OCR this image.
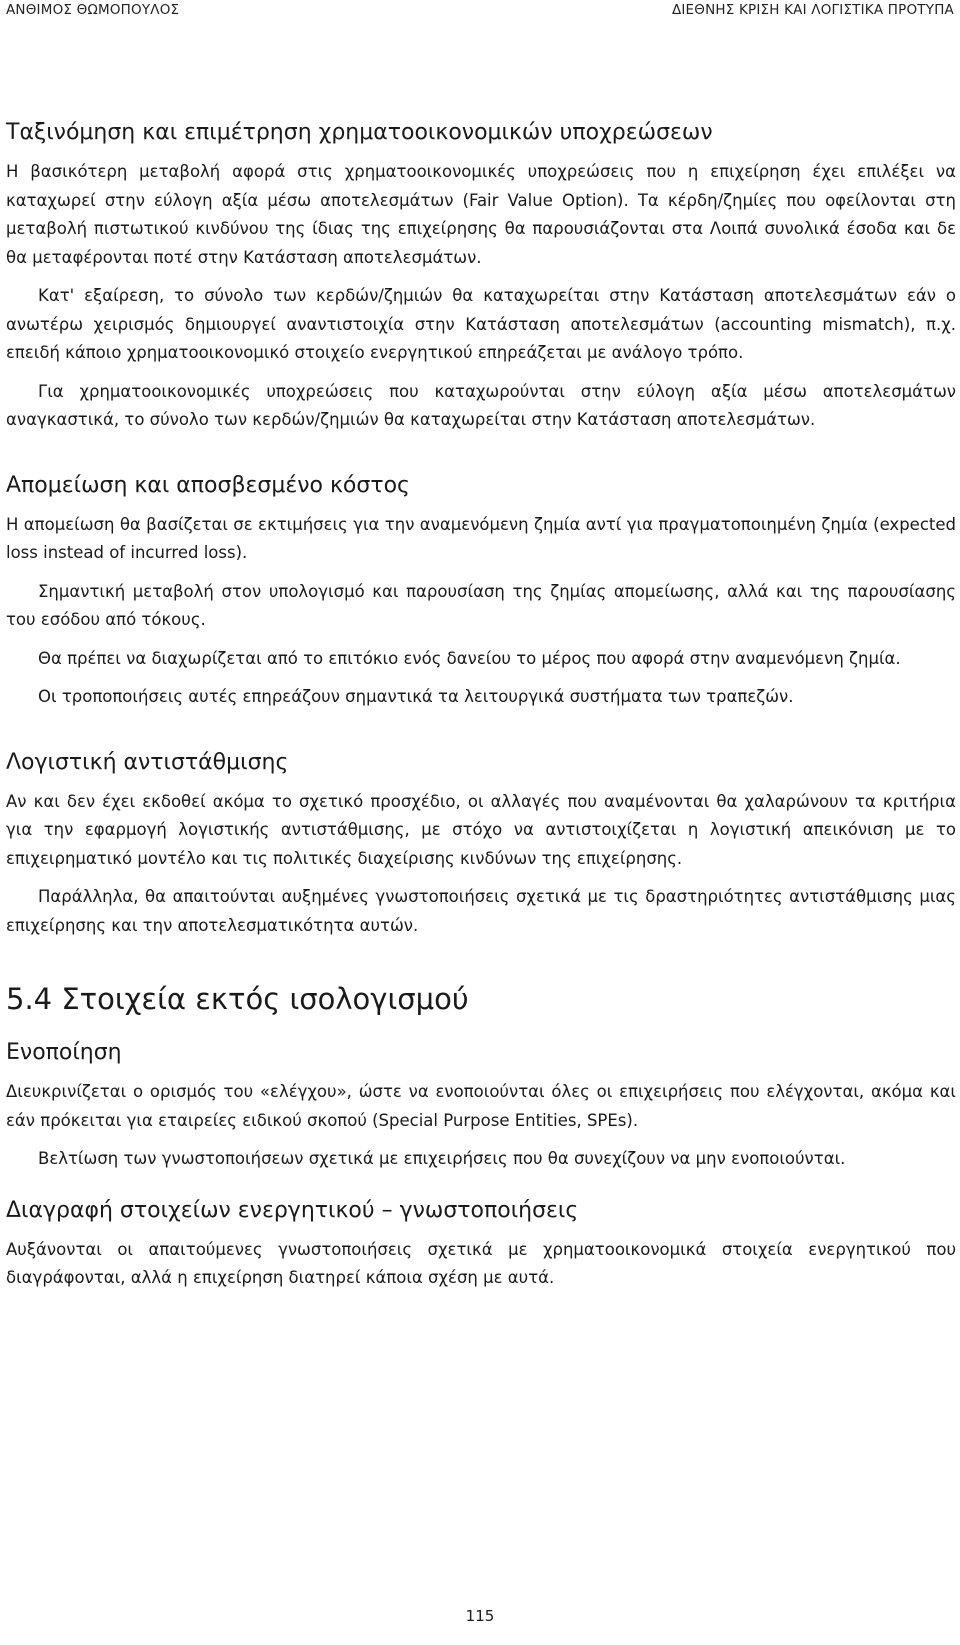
ΑΝΘΙΜΟΣ ΘΩΜΟΠΟΥΛΟΣ	ΔΙΕΘΝΗΣ ΚΡΙΣΗ ΚΑΙ ΛΟΓΙΣΤΙΚΑ ΠΡΟΤΥΠΑ
Ταξινόμηση και επιμέτρηση χρηματοοικονομικών υποχρεώσεων

Η βασικότερη μεταβολή αφορά στις χρηματοοικονομικές υποχρεώσεις που η επιχείρηση έχει επιλέξει να καταχωρεί στην εύλογη αξία μέσω αποτελεσμάτων (Fair Value Option). Τα κέρδη/ζημίες που οφείλονται στη μεταβολή πιστωτικού κινδύνου της ίδιας της επιχείρησης θα παρουσιάζονται στα Λοιπά συνολικά έσοδα και δε θα μεταφέρονται ποτέ στην Κατάσταση αποτελεσμάτων.

Κατ' εξαίρεση, το σύνολο των κερδών/ζημιών θα καταχωρείται στην Κατάσταση αποτελεσμάτων εάν ο ανωτέρω χειρισμός δημιουργεί αναντιστοιχία στην Κατάσταση αποτελεσμάτων (accounting mismatch), π.χ. επειδή κάποιο χρηματοοικονομικό στοιχείο ενεργητικού επηρεάζεται με ανάλογο τρόπο.

Για χρηματοοικονομικές υποχρεώσεις που καταχωρούνται στην εύλογη αξία μέσω αποτελεσμάτων αναγκαστικά, το σύνολο των κερδών/ζημιών θα καταχωρείται στην Κατάσταση αποτελεσμάτων.

Απομείωση και αποσβεσμένο κόστος

Η απομείωση θα βασίζεται σε εκτιμήσεις για την αναμενόμενη ζημία αντί για πραγματοποιημένη ζημία (expected loss instead of incurred loss).

Σημαντική μεταβολή στον υπολογισμό και παρουσίαση της ζημίας απομείωσης, αλλά και της παρουσίασης του εσόδου από τόκους.

Θα πρέπει να διαχωρίζεται από το επιτόκιο ενός δανείου το μέρος που αφορά στην αναμενόμενη ζημία.

Οι τροποποιήσεις αυτές επηρεάζουν σημαντικά τα λειτουργικά συστήματα των τραπεζών.

Λογιστική αντιστάθμισης

Αν και δεν έχει εκδοθεί ακόμα το σχετικό προσχέδιο, οι αλλαγές που αναμένονται θα χαλαρώνουν τα κριτήρια για την εφαρμογή λογιστικής αντιστάθμισης, με στόχο να αντιστοιχίζεται η λογιστική απεικόνιση με το επιχειρηματικό μοντέλο και τις πολιτικές διαχείρισης κινδύνων της επιχείρησης.

Παράλληλα, θα απαιτούνται αυξημένες γνωστοποιήσεις σχετικά με τις δραστηριότητες αντιστάθμισης μιας επιχείρησης και την αποτελεσματικότητα αυτών.

5.4 Στοιχεία εκτός ισολογισμού
Ενοποίηση

Διευκρινίζεται ο ορισμός του «ελέγχου», ώστε να ενοποιούνται όλες οι επιχειρήσεις που ελέγχονται, ακόμα και εάν πρόκειται για εταιρείες ειδικού σκοπού (Special Purpose Entities, SPEs).

Βελτίωση των γνωστοποιήσεων σχετικά με επιχειρήσεις που θα συνεχίζουν να μην ενοποιούνται.

Διαγραφή στοιχείων ενεργητικού – γνωστοποιήσεις

Αυξάνονται οι απαιτούμενες γνωστοποιήσεις σχετικά με χρηματοοικονομικά στοιχεία ενεργητικού που διαγράφονται, αλλά η επιχείρηση διατηρεί κάποια σχέση με αυτά.

115
